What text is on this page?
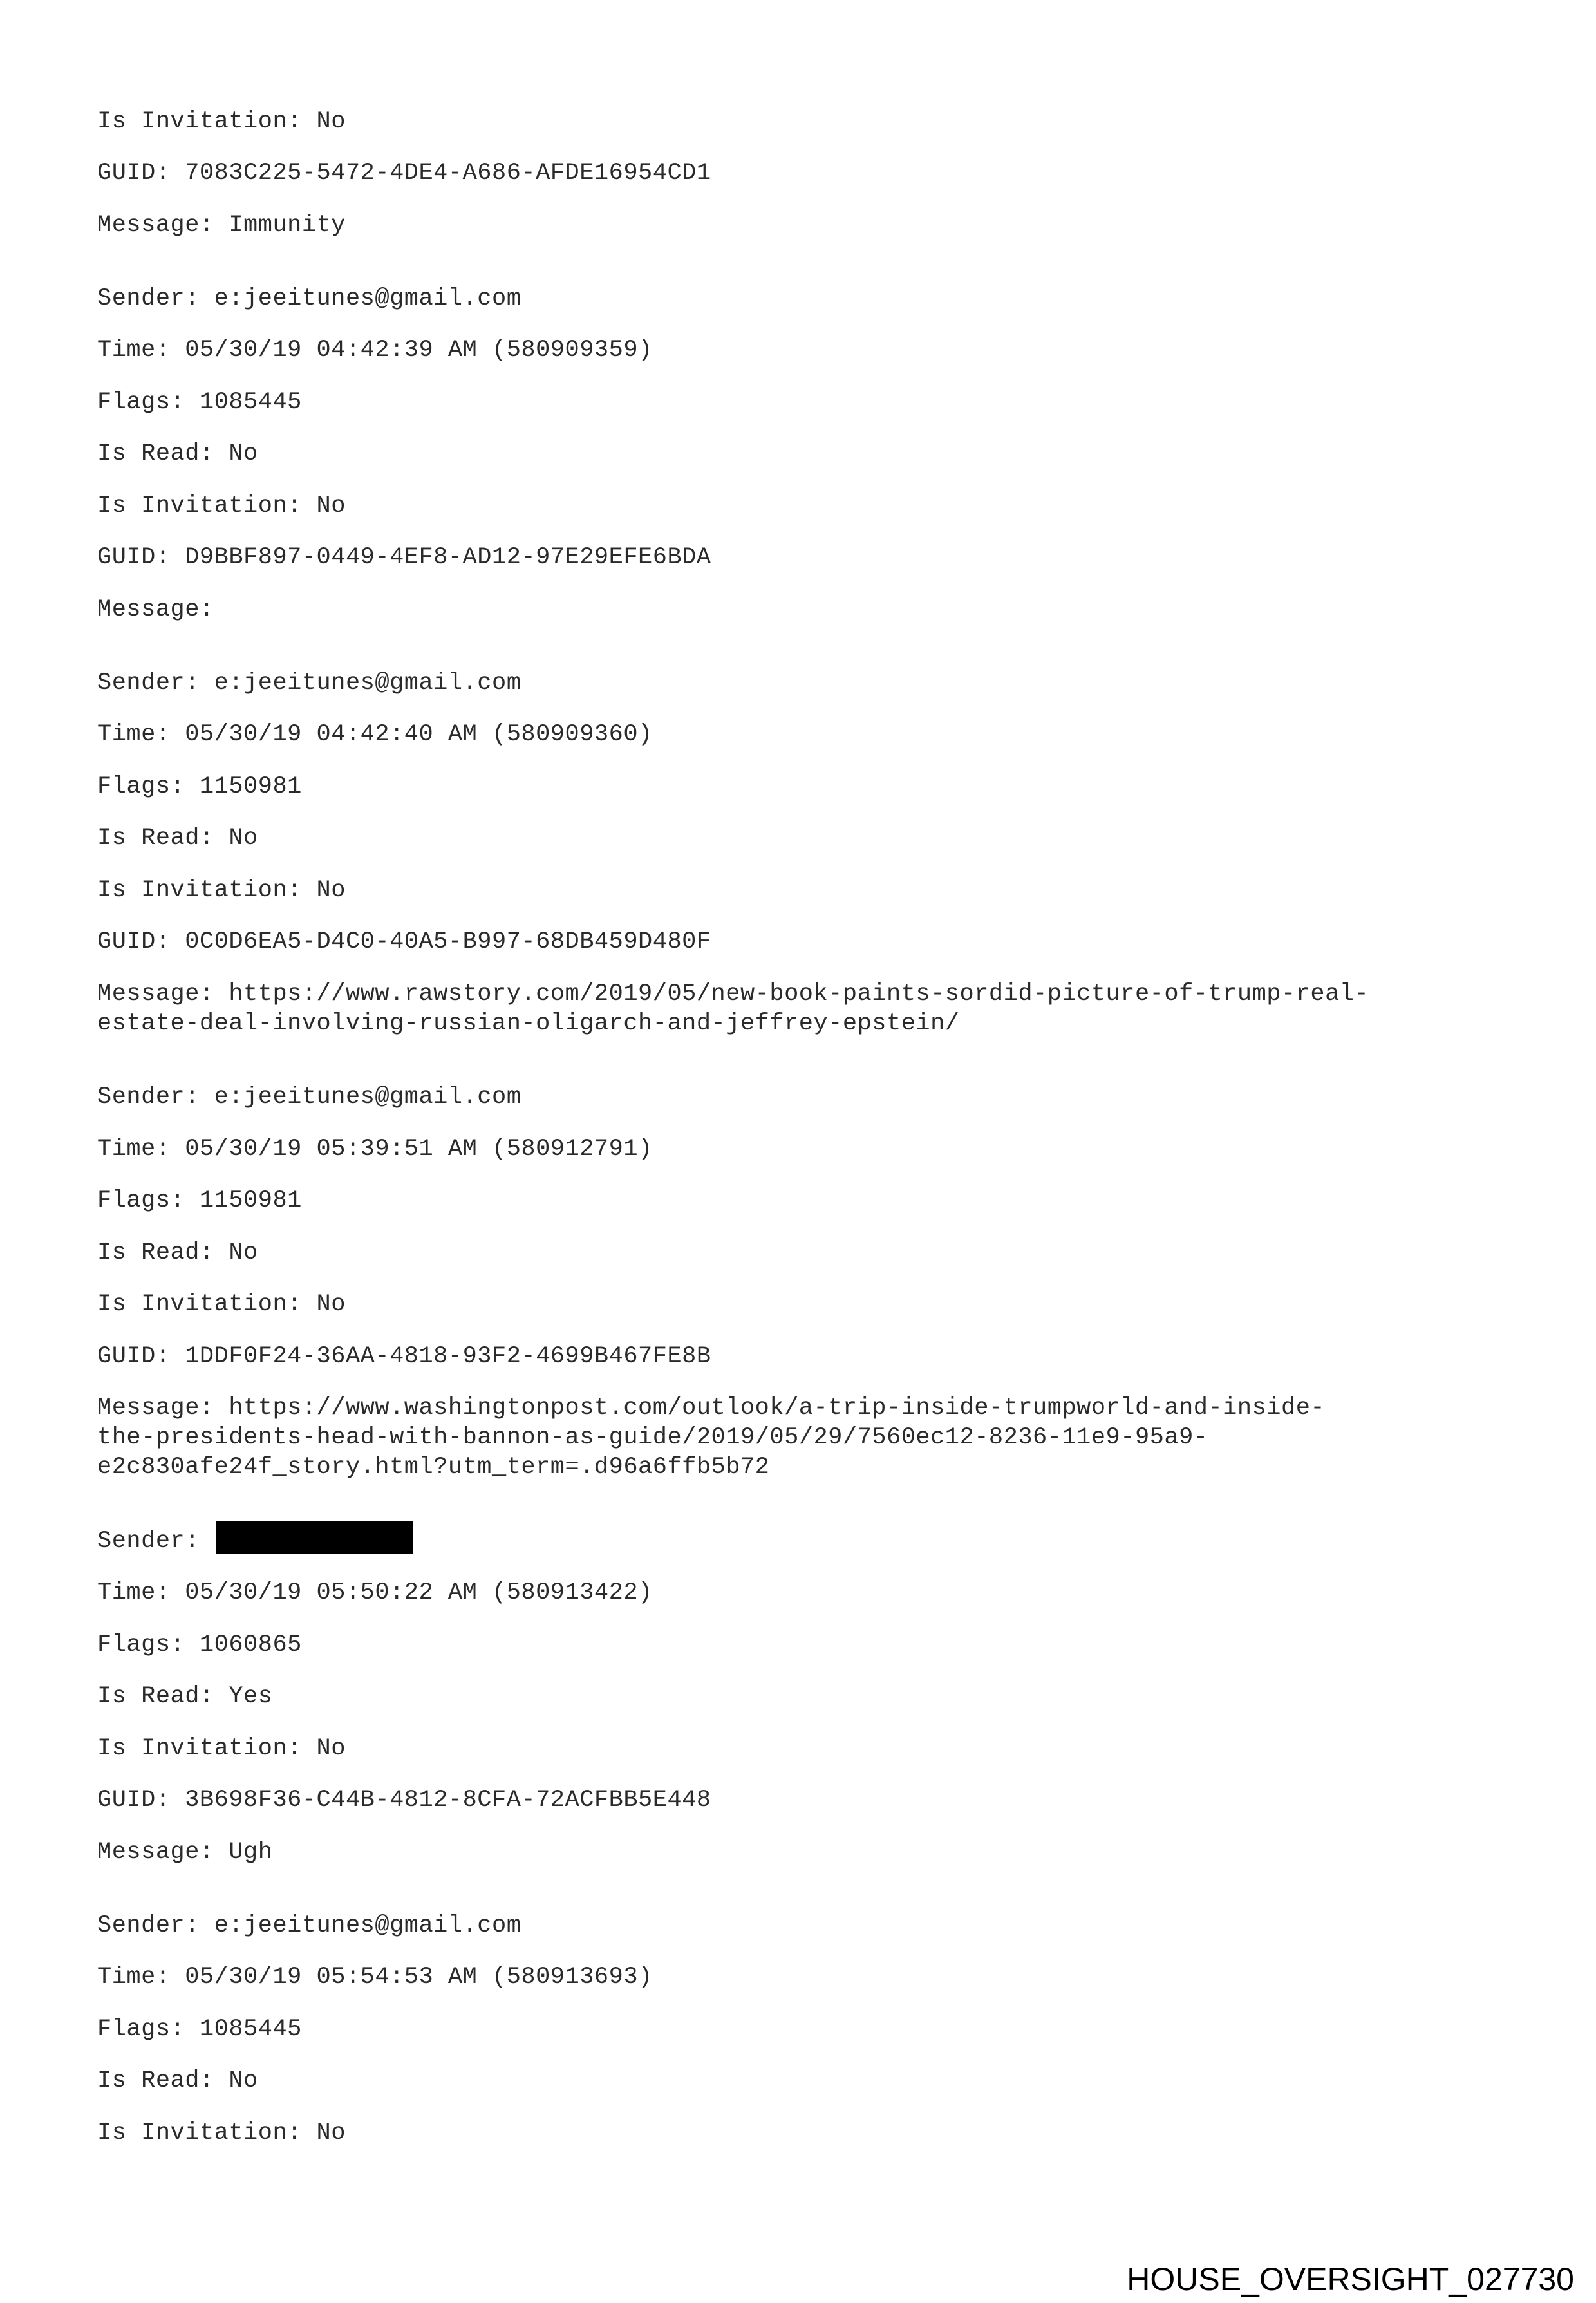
Is Invitation: No
GUID: 7083C225-5472-4DE4-A686-AFDE16954CD1
Message: Immunity
Sender: e:jeeitunes@gmail.com
Time: 05/30/19 04:42:39 AM (580909359)
Flags: 1085445
Is Read: No
Is Invitation: No
GUID: D9BBF897-0449-4EF8-AD12-97E29EFE6BDA
Message:
Sender: e:jeeitunes@gmail.com
Time: 05/30/19 04:42:40 AM (580909360)
Flags: 1150981
Is Read: No
Is Invitation: No
GUID: 0C0D6EA5-D4C0-40A5-B997-68DB459D480F
Message: https://www.rawstory.com/2019/05/new-book-paints-sordid-picture-of-trump-real-
estate-deal-involving-russian-oligarch-and-jeffrey-epstein/
Sender: e:jeeitunes@gmail.com
Time: 05/30/19 05:39:51 AM (580912791)
Flags: 1150981
Is Read: No
Is Invitation: No
GUID: 1DDF0F24-36AA-4818-93F2-4699B467FE8B
Message: https://www.washingtonpost.com/outlook/a-trip-inside-trumpworld-and-inside-
the-presidents-head-with-bannon-as-guide/2019/05/29/7560ec12-8236-11e9-95a9-
e2c830afe24f_story.html?utm_term=.d96a6ffb5b72
Sender:
Time: 05/30/19 05:50:22 AM (580913422)
Flags: 1060865
Is Read: Yes
Is Invitation: No
GUID: 3B698F36-C44B-4812-8CFA-72ACFBB5E448
Message: Ugh
Sender: e:jeeitunes@gmail.com
Time: 05/30/19 05:54:53 AM (580913693)
Flags: 1085445
Is Read: No
Is Invitation: No
HOUSE_OVERSIGHT_027730
